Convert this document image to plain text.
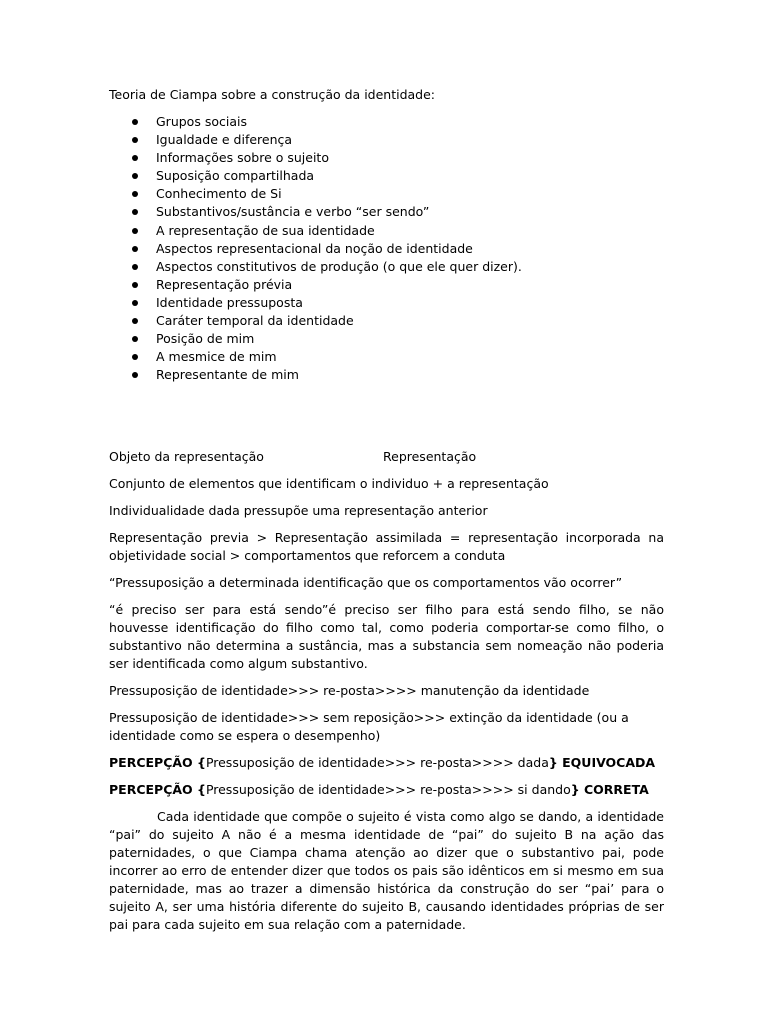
Teoria de Ciampa sobre a construção da identidade:

Grupos sociais
Igualdade e diferença
Informações sobre o sujeito
Suposição compartilhada
Conhecimento de Si
Substantivos/sustância e verbo “ser sendo”
A representação de sua identidade
Aspectos representacional da noção de identidade
Aspectos constitutivos de produção (o que ele quer dizer).
Representação prévia
Identidade pressuposta
Caráter temporal da identidade
Posição de mim
A mesmice de mim
Representante de mim
Objeto da representação	Representação

Conjunto de elementos que identificam o individuo + a representação

Individualidade dada pressupõe uma representação anterior

Representação previa > Representação assimilada = representação incorporada na objetividade social > comportamentos que reforcem a conduta

“Pressuposição a determinada identificação que os comportamentos vão ocorrer”

“é preciso ser para está sendo”é preciso ser filho para está sendo filho, se não houvesse identificação do filho como tal, como poderia comportar-se como filho, o substantivo não determina a sustância, mas a substancia sem nomeação não poderia ser identificada como algum substantivo.

Pressuposição de identidade>>> re-posta>>>> manutenção da identidade

Pressuposição de identidade>>> sem reposição>>> extinção da identidade (ou a identidade como se espera o desempenho)

PERCEPÇÃO {Pressuposição de identidade>>> re-posta>>>> dada} EQUIVOCADA

PERCEPÇÃO {Pressuposição de identidade>>> re-posta>>>> si dando} CORRETA

Cada identidade que compõe o sujeito é vista como algo se dando, a identidade “pai” do sujeito A não é a mesma identidade de “pai” do sujeito B na ação das paternidades, o que Ciampa chama atenção ao dizer que o substantivo pai, pode incorrer ao erro de entender dizer que todos os pais são idênticos em si mesmo em sua paternidade, mas ao trazer a dimensão histórica da construção do ser “pai’ para o sujeito A, ser uma história diferente do sujeito B, causando identidades próprias de ser pai para cada sujeito em sua relação com a paternidade.
